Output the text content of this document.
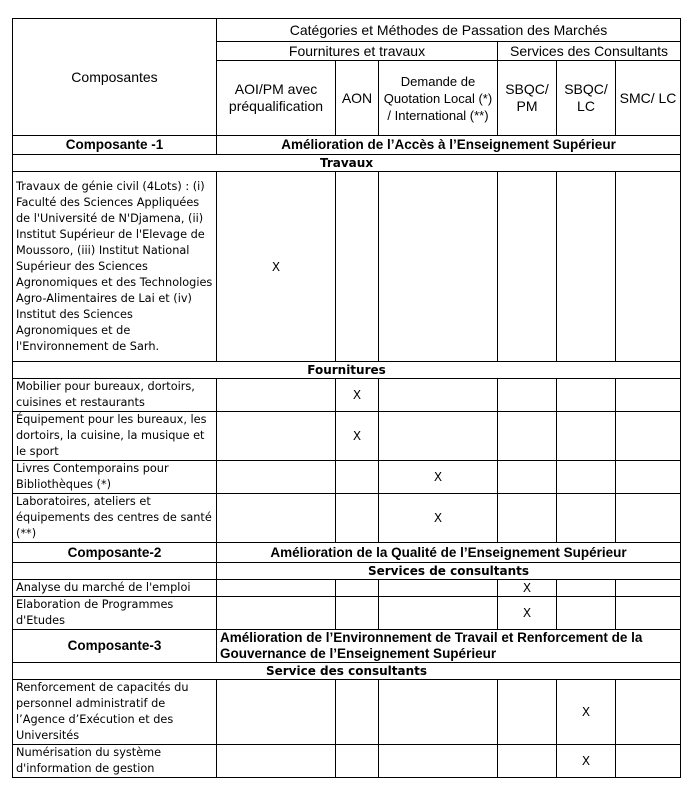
Composantes	Catégories et Méthodes de Passation des Marchés					
	Fournitures et travaux			Services des Consultants		
	AOI/PM avec préqualification	AON	Demande de Quotation Local (*) / International (**)	SBQC/ PM	SBQC/ LC	SMC/ LC
Composante -1	Amélioration de l’Accès à l’Enseignement Supérieur					
Travaux						
Travaux de génie civil (4Lots) : (i) Faculté des Sciences Appliquées de l'Université de N'Djamena, (ii) Institut Supérieur de l'Elevage de Moussoro, (iii) Institut National Supérieur des Sciences Agronomiques et des Technologies Agro-Alimentaires de Lai et (iv) Institut des Sciences Agronomiques et de l'Environnement de Sarh.	X					
Fournitures						
Mobilier pour bureaux, dortoirs, cuisines et restaurants		X				
Équipement pour les bureaux, les dortoirs, la cuisine, la musique et le sport		X				
Livres Contemporains pour Bibliothèques (*)			X			
Laboratoires, ateliers et équipements des centres de santé (**)			X			
Composante-2	Amélioration de la Qualité de l’Enseignement Supérieur					
	Services de consultants					
Analyse du marché de l'emploi				X		
Elaboration de Programmes d'Etudes				X		
Composante-3	Amélioration de l’Environnement de Travail et Renforcement de la Gouvernance de l’Enseignement Supérieur					
Service des consultants						
Renforcement de capacités du personnel administratif de l’Agence d’Exécution et des Universités					X	
Numérisation du système d'information de gestion					X	
